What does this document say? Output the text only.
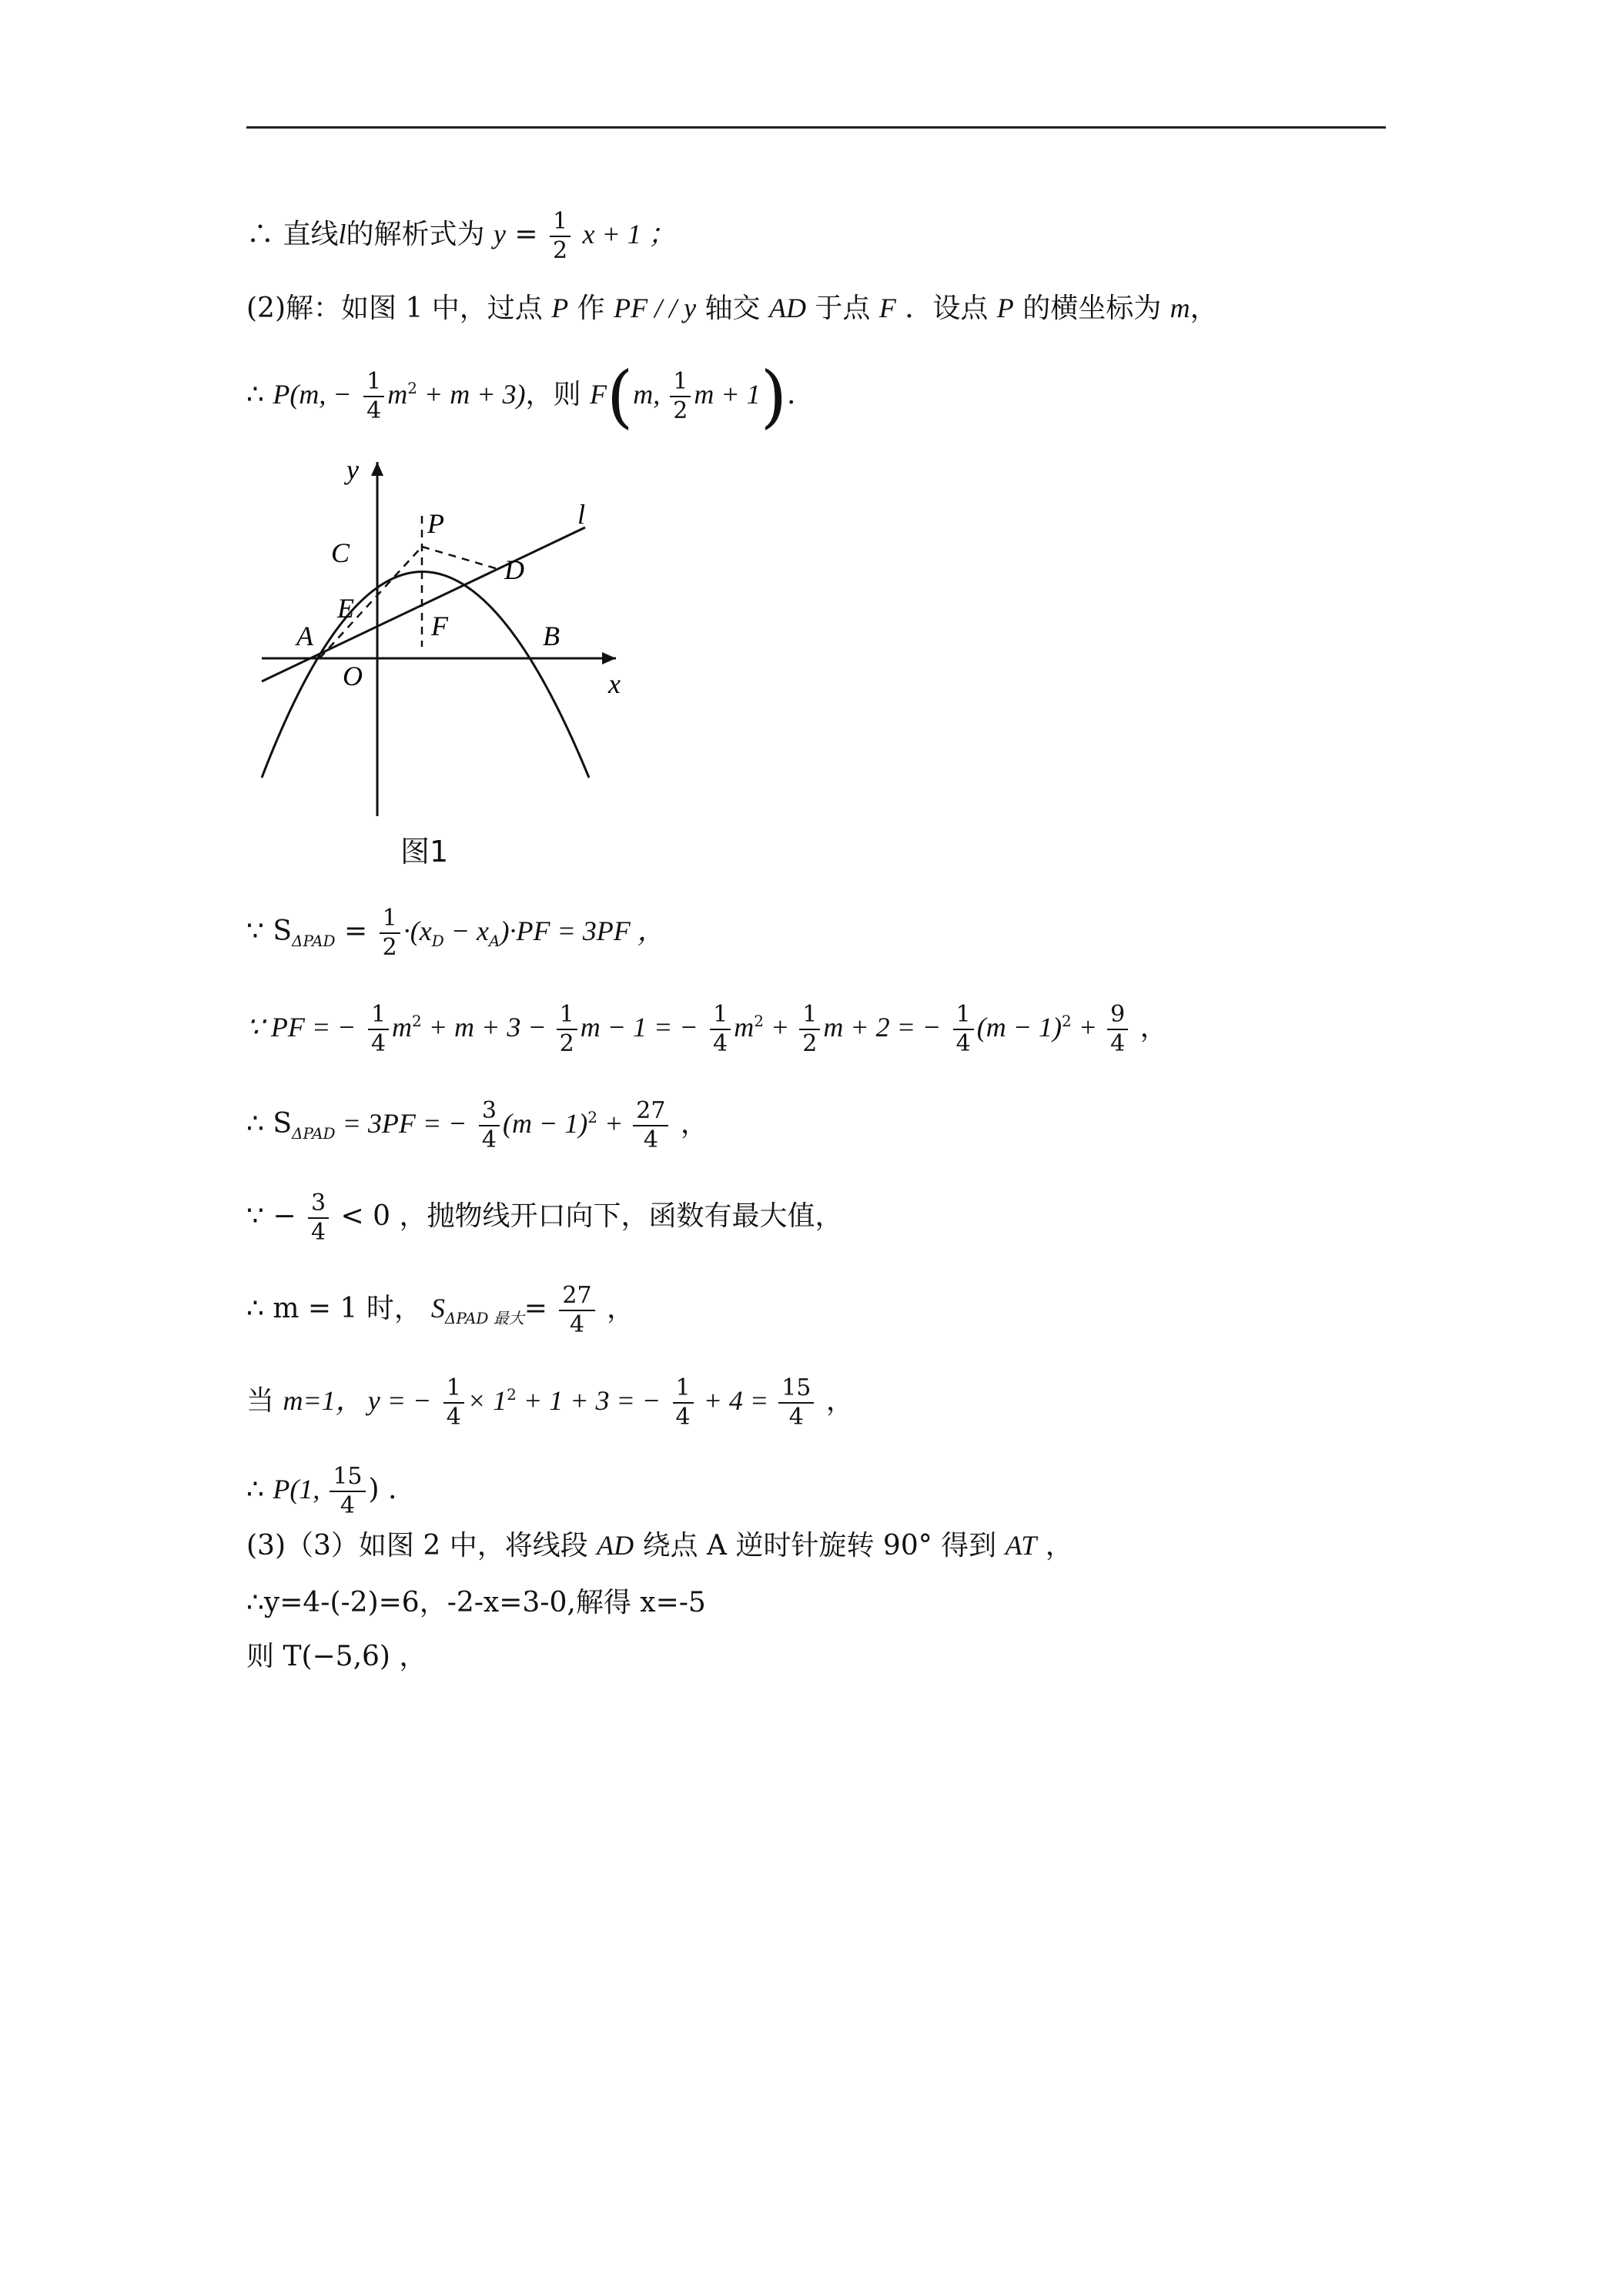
∴ 直线l的解析式为 $y = \frac{1}{2}$ x + 1 ；
(2)解：如图 1 中，过点 P 作 PF / / y 轴交 AD 于点 F ．设点 P 的横坐标为 m，
∴ P(m, − $\frac{1}{4} m^2 + m + 3$)，则 F(m, $\frac{1}{2}$ m + 1).
y
x
P	l
C
D
E
F
A	B
O
图1
∵ $S_{\Delta PAD} = \frac{1}{2} \cdot(x_D - x_A)\cdot PF = 3PF$ ，
∵ PF = − $\frac{1}{4} m^2 + m + 3 - \frac{1}{2}$ m − 1 = − $\frac{1}{4} m^2 + \frac{1}{2}$ m + 2 = − $\frac{1}{4} (m - 1)^2 + \frac{9}{4}$ ，
∴ $S_{\Delta PAD} = 3PF$ = − $\frac{3}{4} (m - 1)^2 + \frac{27}{4}$ ，
∵ − $\frac{3}{4} < 0$ ，抛物线开口向下，函数有最大值，
∴ m = 1 时， $S_{\Delta PAD 最大}= \frac{27}{4}$ ，
当 m=1， y = − $\frac{1}{4} \times 1^2 + 1 + 3$ = − $\frac{1}{4} + 4 = \frac{15}{4}$ ，
∴ P(1, $\frac{15}{4}$ ) .
(3)（3）如图 2 中，将线段 AD 绕点 A 逆时针旋转 90° 得到 AT ，
∴y=4-(-2)=6，-2-x=3-0,解得 x=-5
则 T(−5,6) ，
